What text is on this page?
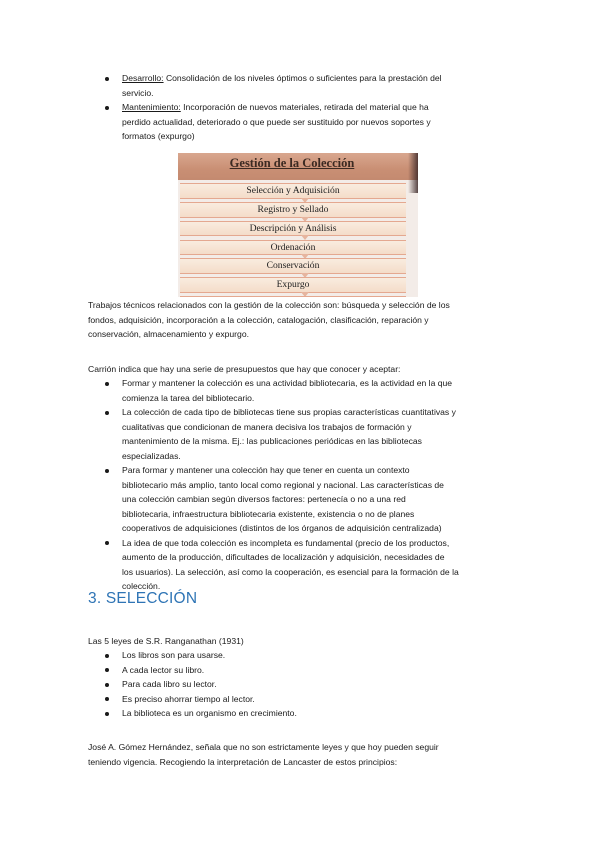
Desarrollo: Consolidación de los niveles óptimos o suficientes para la prestación del
servicio.
Mantenimiento: Incorporación de nuevos materiales, retirada del material que ha
perdido actualidad, deteriorado o que puede ser sustituido por nuevos soportes y
formatos (expurgo)
Gestión de la Colección
Selección y Adquisición
Registro y Sellado
Descripción y Análisis
Ordenación
Conservación
Expurgo
Trabajos técnicos relacionados con la gestión de la colección son: búsqueda y selección de los
fondos, adquisición, incorporación a la colección, catalogación, clasificación, reparación y
conservación, almacenamiento y expurgo.
Carrión indica que hay una serie de presupuestos que hay que conocer y aceptar:
Formar y mantener la colección es una actividad bibliotecaria, es la actividad en la que
comienza la tarea del bibliotecario.
La colección de cada tipo de bibliotecas tiene sus propias características cuantitativas y
cualitativas que condicionan de manera decisiva los trabajos de formación y
mantenimiento de la misma. Ej.: las publicaciones periódicas en las bibliotecas
especializadas.
Para formar y mantener una colección hay que tener en cuenta un contexto
bibliotecario más amplio, tanto local como regional y nacional. Las características de
una colección cambian según diversos factores: pertenecía o no a una red
bibliotecaria, infraestructura bibliotecaria existente, existencia o no de planes
cooperativos de adquisiciones (distintos de los órganos de adquisición centralizada)
La idea de que toda colección es incompleta es fundamental (precio de los productos,
aumento de la producción, dificultades de localización y adquisición, necesidades de
los usuarios). La selección, así como la cooperación, es esencial para la formación de la
colección.
3. SELECCIÓN
Las 5 leyes de S.R. Ranganathan (1931)
Los libros son para usarse.
A cada lector su libro.
Para cada libro su lector.
Es preciso ahorrar tiempo al lector.
La biblioteca es un organismo en crecimiento.
José A. Gómez Hernández, señala que no son estrictamente leyes y que hoy pueden seguir
teniendo vigencia. Recogiendo la interpretación de Lancaster de estos principios:
